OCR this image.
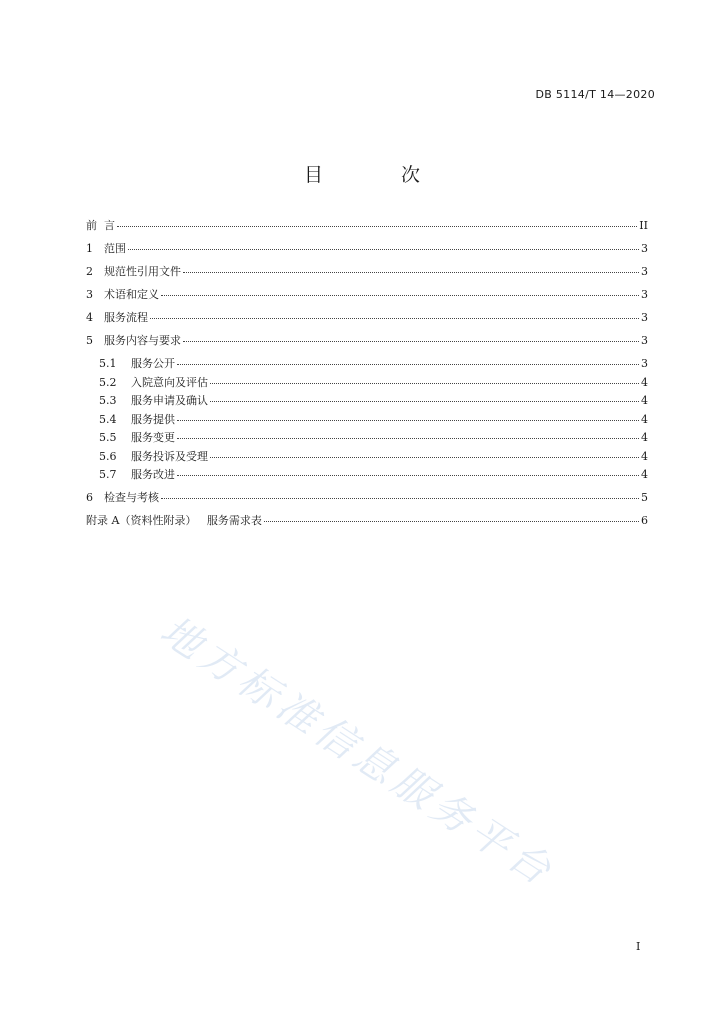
DB 5114/T 14—2020
目 次
前  言	II
1	范围	3
2	规范性引用文件	3
3	术语和定义	3
4	服务流程	3
5	服务内容与要求	3
5.1	服务公开	3
5.2	入院意向及评估	4
5.3	服务申请及确认	4
5.4	服务提供	4
5.5	服务变更	4
5.6	服务投诉及受理	4
5.7	服务改进	4
6	检查与考核	5
附录 A（资料性附录）   服务需求表	6
地方标准信息服务平台
I
